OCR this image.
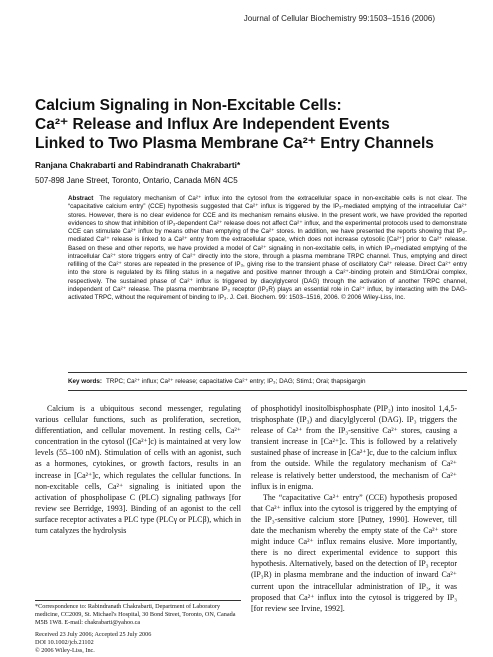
Journal of Cellular Biochemistry 99:1503–1516 (2006)
Calcium Signaling in Non-Excitable Cells:
Ca²⁺ Release and Influx Are Independent Events
Linked to Two Plasma Membrane Ca²⁺ Entry Channels
Ranjana Chakrabarti and Rabindranath Chakrabarti*
507-898 Jane Street, Toronto, Ontario, Canada M6N 4C5
Abstract The regulatory mechanism of Ca²⁺ influx into the cytosol from the extracellular space in non-excitable cells is not clear. The “capacitative calcium entry” (CCE) hypothesis suggested that Ca²⁺ influx is triggered by the IP₃-mediated emptying of the intracellular Ca²⁺ stores. However, there is no clear evidence for CCE and its mechanism remains elusive. In the present work, we have provided the reported evidences to show that inhibition of IP₃-dependent Ca²⁺ release does not affect Ca²⁺ influx, and the experimental protocols used to demonstrate CCE can stimulate Ca²⁺ influx by means other than emptying of the Ca²⁺ stores. In addition, we have presented the reports showing that IP₃-mediated Ca²⁺ release is linked to a Ca²⁺ entry from the extracellular space, which does not increase cytosolic [Ca²⁺] prior to Ca²⁺ release. Based on these and other reports, we have provided a model of Ca²⁺ signaling in non-excitable cells, in which IP₃-mediated emptying of the intracellular Ca²⁺ store triggers entry of Ca²⁺ directly into the store, through a plasma membrane TRPC channel. Thus, emptying and direct refilling of the Ca²⁺ stores are repeated in the presence of IP₃, giving rise to the transient phase of oscillatory Ca²⁺ release. Direct Ca²⁺ entry into the store is regulated by its filling status in a negative and positive manner through a Ca²⁺-binding protein and Stim1/Orai complex, respectively. The sustained phase of Ca²⁺ influx is triggered by diacylglycerol (DAG) through the activation of another TRPC channel, independent of Ca²⁺ release. The plasma membrane IP₃ receptor (IP₃R) plays an essential role in Ca²⁺ influx, by interacting with the DAG-activated TRPC, without the requirement of binding to IP₃. J. Cell. Biochem. 99: 1503–1516, 2006. © 2006 Wiley-Liss, Inc.
Key words: TRPC; Ca²⁺ influx; Ca²⁺ release; capacitative Ca²⁺ entry; IP₃; DAG; Stim1; Orai; thapsigargin

Calcium is a ubiquitous second messenger, regulating various cellular functions, such as proliferation, secretion, differentiation, and cellular movement. In resting cells, Ca²⁺ concentration in the cytosol ([Ca²⁺]c) is maintained at very low levels (55–100 nM). Stimulation of cells with an agonist, such as a hormones, cytokines, or growth factors, results in an increase in [Ca²⁺]c, which regulates the cellular functions. In non-excitable cells, Ca²⁺ signaling is initiated upon the activation of phospholipase C (PLC) signaling pathways [for review see Berridge, 1993]. Binding of an agonist to the cell surface receptor activates a PLC type (PLCγ or PLCβ), which in turn catalyzes the hydrolysis

of phosphotidyl inositolbisphosphate (PIP₂) into inositol 1,4,5-trisphosphate (IP₃) and diacylglycerol (DAG). IP₃ triggers the release of Ca²⁺ from the IP₃-sensitive Ca²⁺ stores, causing a transient increase in [Ca²⁺]c. This is followed by a relatively sustained phase of increase in [Ca²⁺]c, due to the calcium influx from the outside. While the regulatory mechanism of Ca²⁺ release is relatively better understood, the mechanism of Ca²⁺ influx is in enigma.

The “capacitative Ca²⁺ entry” (CCE) hypothesis proposed that Ca²⁺ influx into the cytosol is triggered by the emptying of the IP₃-sensitive calcium store [Putney, 1990]. However, till date the mechanism whereby the empty state of the Ca²⁺ store might induce Ca²⁺ influx remains elusive. More importantly, there is no direct experimental evidence to support this hypothesis. Alternatively, based on the detection of IP₃ receptor (IP₃R) in plasma membrane and the induction of inward Ca²⁺ current upon the intracellular administration of IP₃, it was proposed that Ca²⁺ influx into the cytosol is triggered by IP₃ [for review see Irvine, 1992].

*Correspondence to: Rabindranath Chakrabarti, Department of Laboratory medicine, CC2009, St. Michael's Hospital, 30 Bond Street, Toronto, ON, Canada M5B 1W8. E-mail: chakrabarti@yahoo.ca
Received 23 July 2006; Accepted 25 July 2006
DOI 10.1002/jcb.21102
© 2006 Wiley-Liss, Inc.
